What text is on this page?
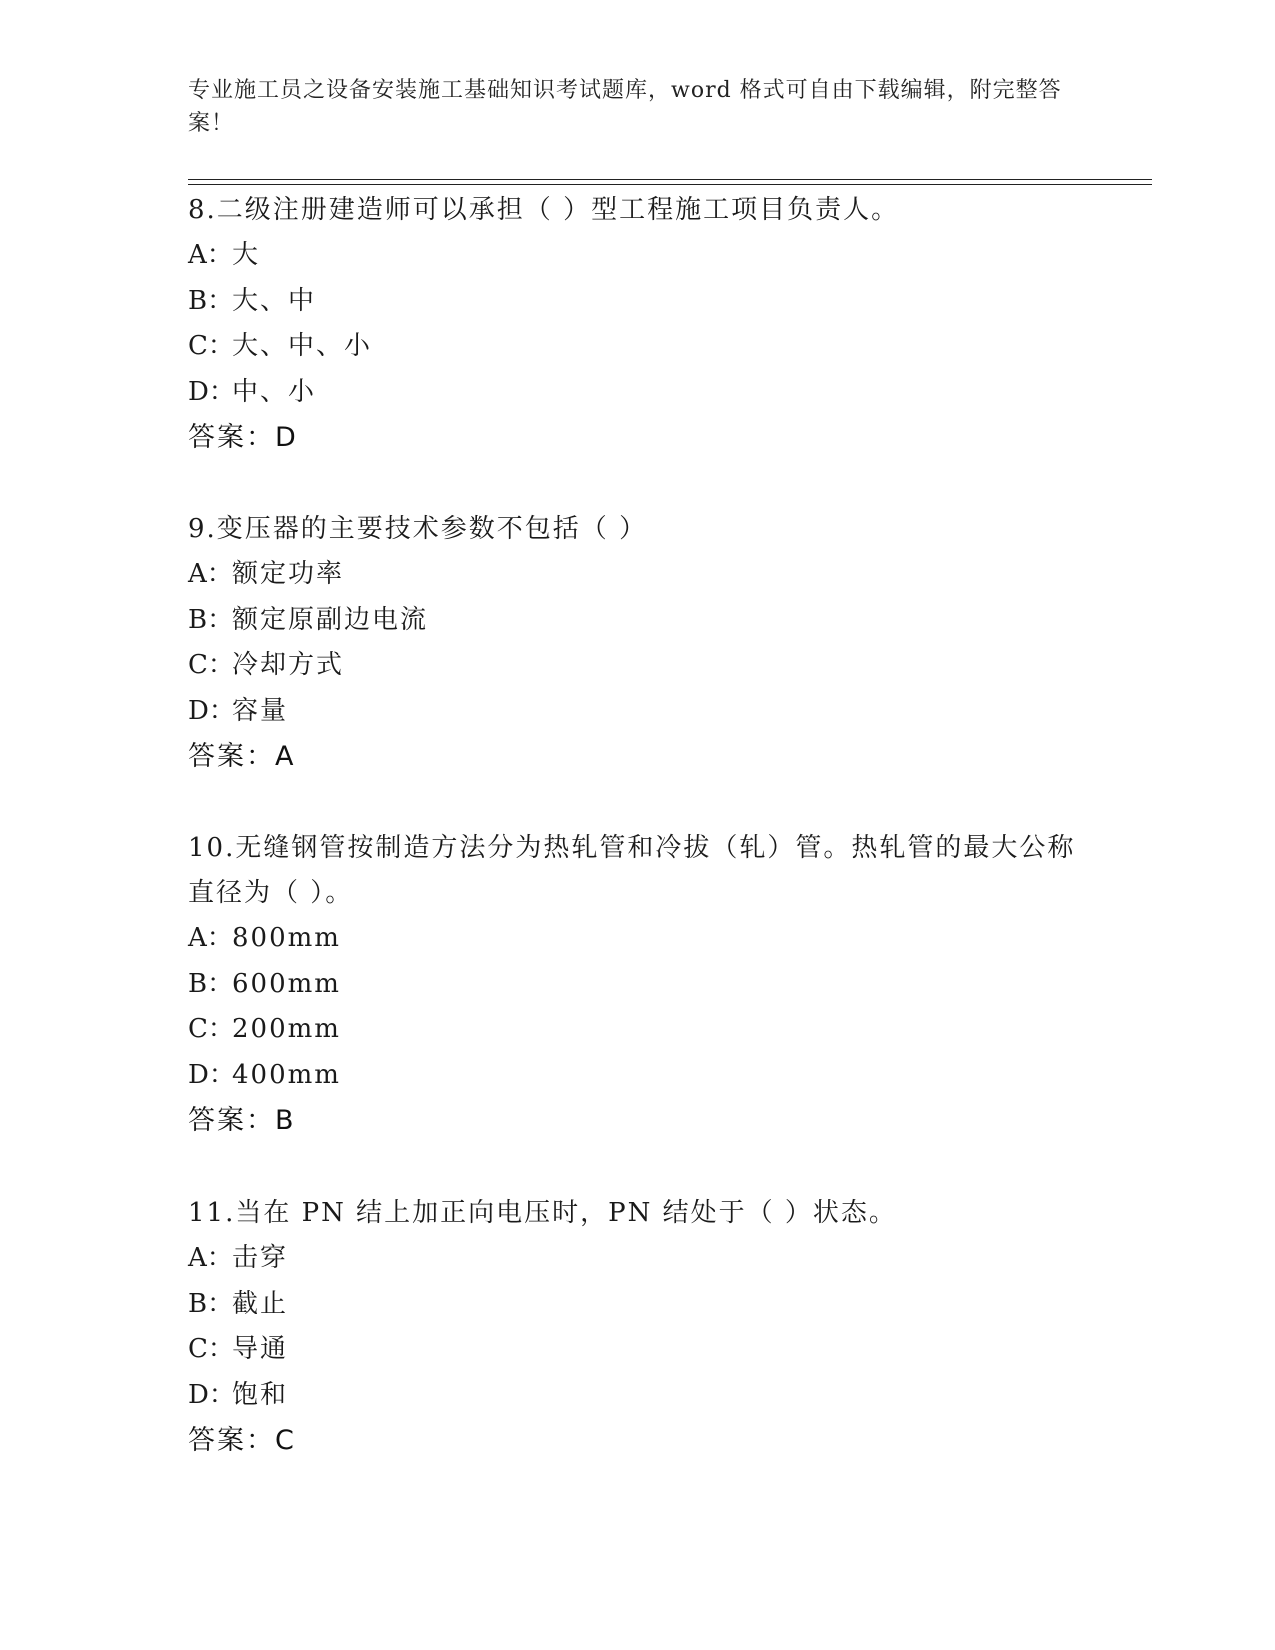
专业施工员之设备安装施工基础知识考试题库，word 格式可自由下载编辑，附完整答案！

8.二级注册建造师可以承担（ ）型工程施工项目负责人。

A：大
B：大、中
C：大、中、小
D：中、小
答案：D

9.变压器的主要技术参数不包括（ ）

A：额定功率
B：额定原副边电流
C：冷却方式
D：容量
答案：A

10.无缝钢管按制造方法分为热轧管和冷拔（轧）管。热轧管的最大公称直径为（ ）。

A：800mm
B：600mm
C：200mm
D：400mm
答案：B

11.当在 PN 结上加正向电压时，PN 结处于（ ）状态。

A：击穿
B：截止
C：导通
D：饱和
答案：C
